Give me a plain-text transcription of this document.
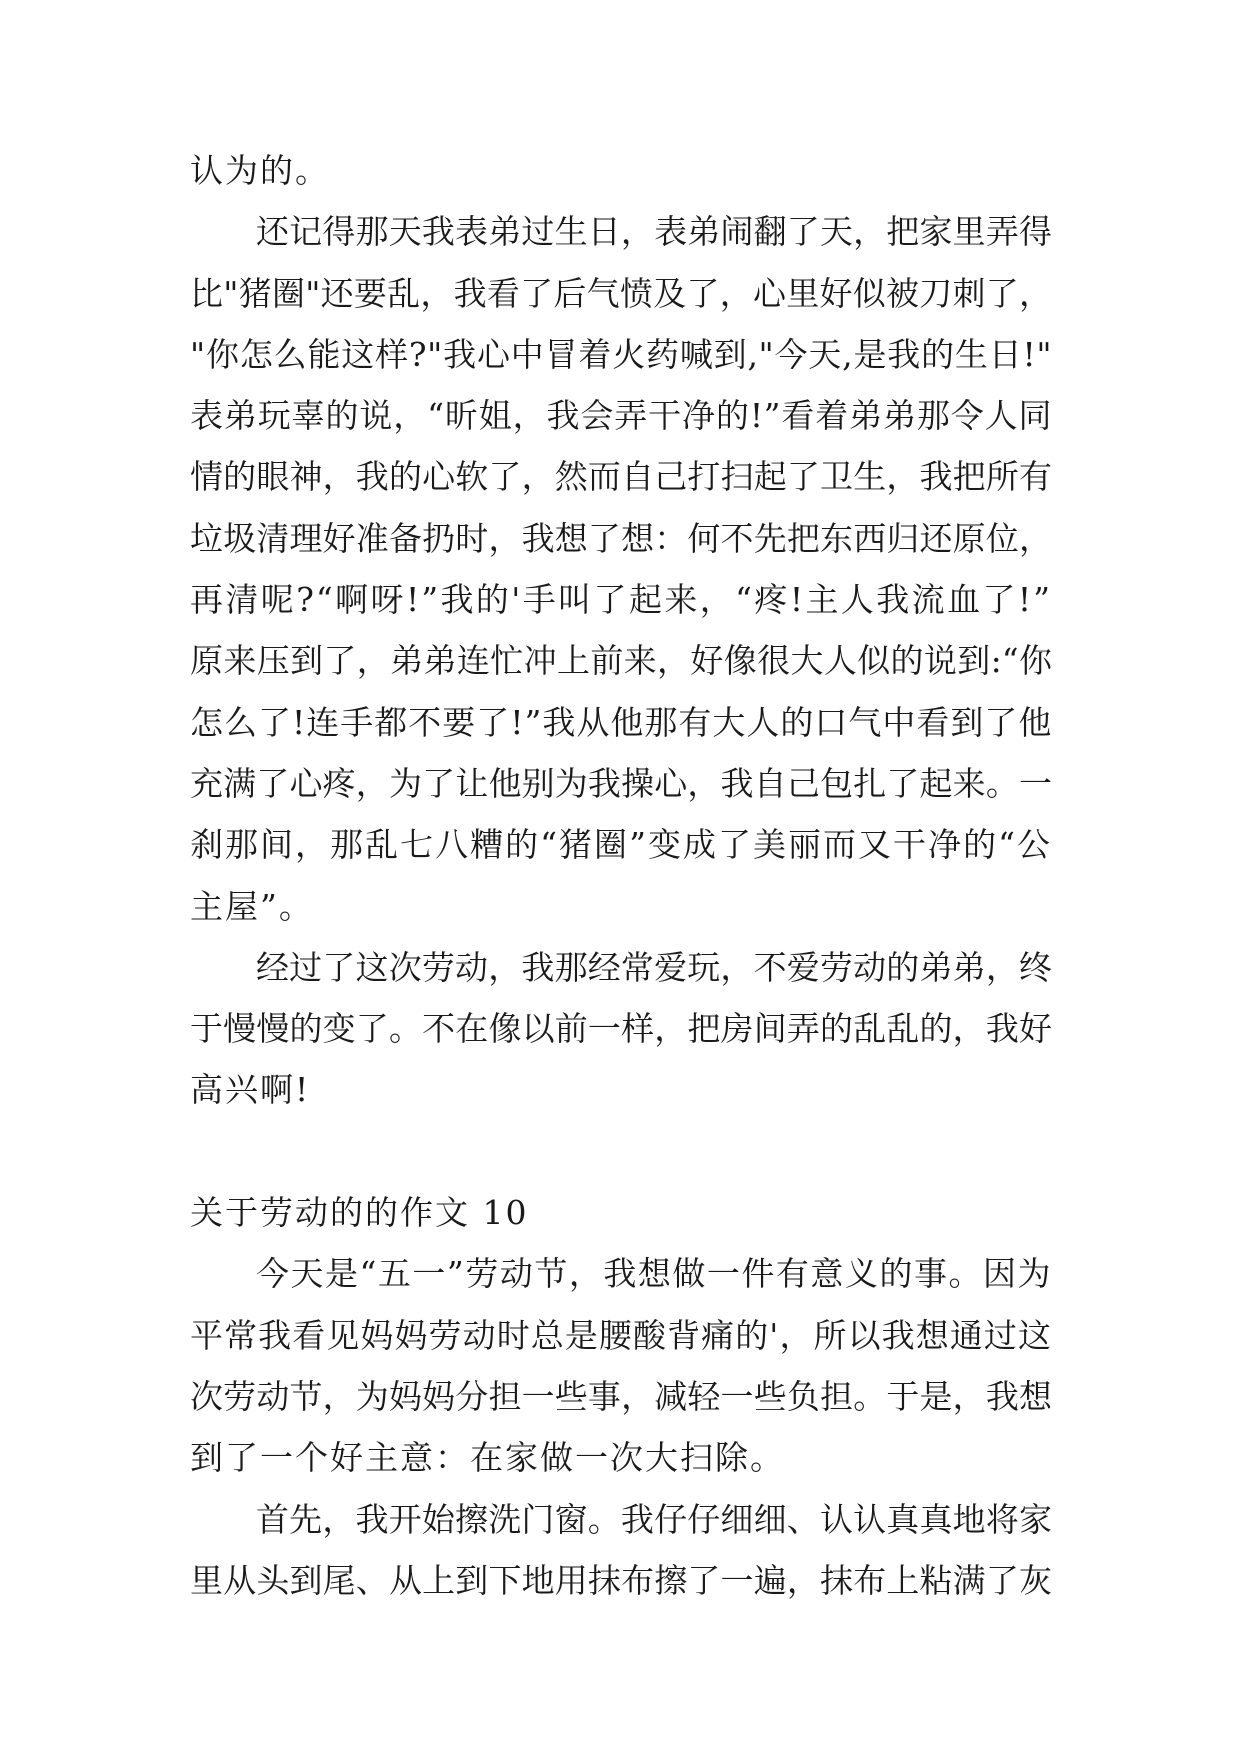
认为的。
还记得那天我表弟过生日，表弟闹翻了天，把家里弄得
比"猪圈"还要乱，我看了后气愤及了，心里好似被刀刺了，
"你怎么能这样?"我心中冒着火药喊到,"今天,是我的生日!"
表弟玩辜的说，“昕姐，我会弄干净的!”看着弟弟那令人同
情的眼神，我的心软了，然而自己打扫起了卫生，我把所有
垃圾清理好准备扔时，我想了想：何不先把东西归还原位，
再清呢?“啊呀!”我的'手叫了起来，“疼!主人我流血了!”
原来压到了，弟弟连忙冲上前来，好像很大人似的说到:“你
怎么了!连手都不要了!”我从他那有大人的口气中看到了他
充满了心疼，为了让他别为我操心，我自己包扎了起来。一
刹那间，那乱七八糟的“猪圈”变成了美丽而又干净的“公
主屋”。
经过了这次劳动，我那经常爱玩，不爱劳动的弟弟，终
于慢慢的变了。不在像以前一样，把房间弄的乱乱的，我好
高兴啊!
关于劳动的的作文 10
今天是“五一”劳动节，我想做一件有意义的事。因为
平常我看见妈妈劳动时总是腰酸背痛的'，所以我想通过这
次劳动节，为妈妈分担一些事，减轻一些负担。于是，我想
到了一个好主意：在家做一次大扫除。
首先，我开始擦洗门窗。我仔仔细细、认认真真地将家
里从头到尾、从上到下地用抹布擦了一遍，抹布上粘满了灰
